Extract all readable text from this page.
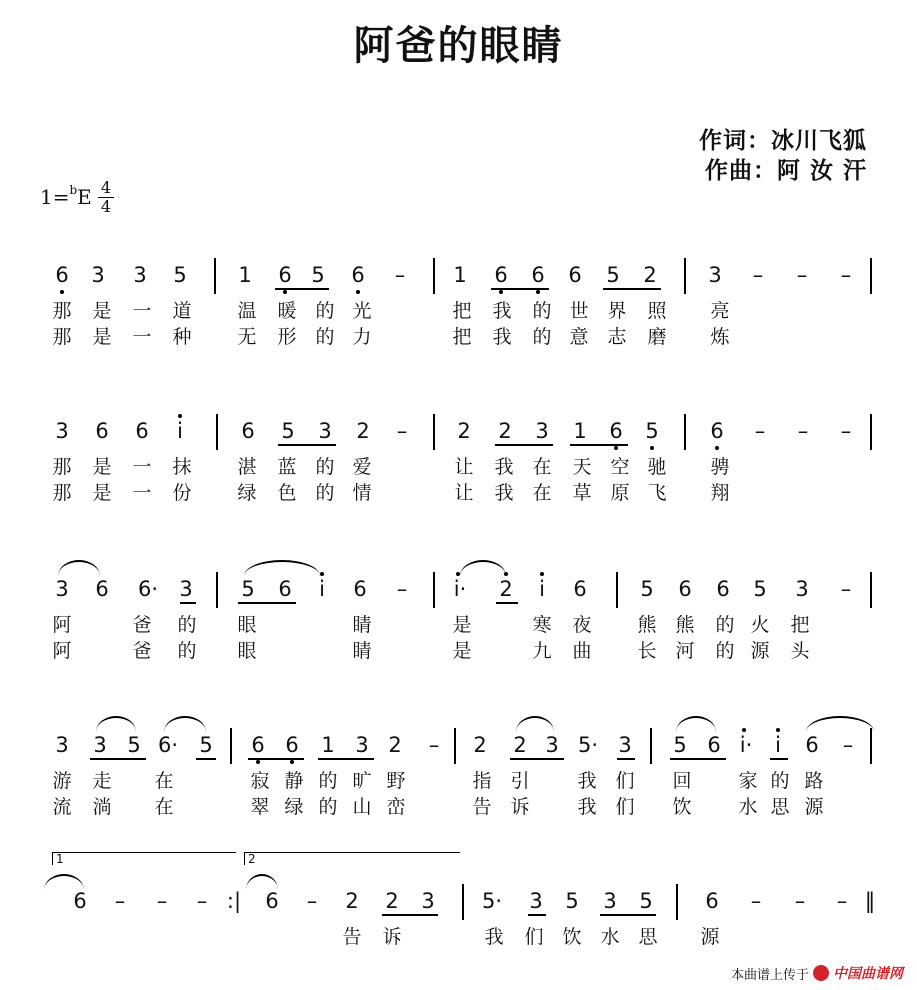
阿爸的眼睛
作词：冰川飞狐
作曲：阿 汝 汗
1=$^b$E 4
4
6 3 3 5 1 6 5 6 – 1 6 6 6 5 2 3 – – –
那 是 一 道 温 暖 的 光	把 我 的 世 界 照 亮
那 是 一 种 无 形 的 力	把 我 的 意 志 磨 炼
3 6 6	i	6 5 3 2 – 2 2 3 1 6 5 6 – – –
那 是 一 抹 湛 蓝 的 爱	让 我 在 天 空 驰 骋
那 是 一 份 绿 色 的 情	让 我 在 草 原 飞 翔
3 6 6· 3 5 6	i	6 – i· 2	i	6	5 6 6 5 3 –
阿	爸 的 眼	睛	是	寒 夜 熊 熊 的 火 把
阿	爸 的 眼	睛	是	九 曲 长 河 的 源 头
3 3 5 6· 5 6 6 1 3 2 – 2 2 3 5· 3 5 6 i·	i	6 –
游 走 在	寂 静 的 旷 野	指 引	我 们 回 家 的 路
流 淌 在	翠 绿 的 山 峦	告 诉	我 们 饮 水 思 源
1	2
6 – – – :| 6 – 2 2 3 5· 3 5 3 5	6 – – – ‖
告 诉	我 们 饮 水 思 源
本曲谱上传于 中国曲谱网
